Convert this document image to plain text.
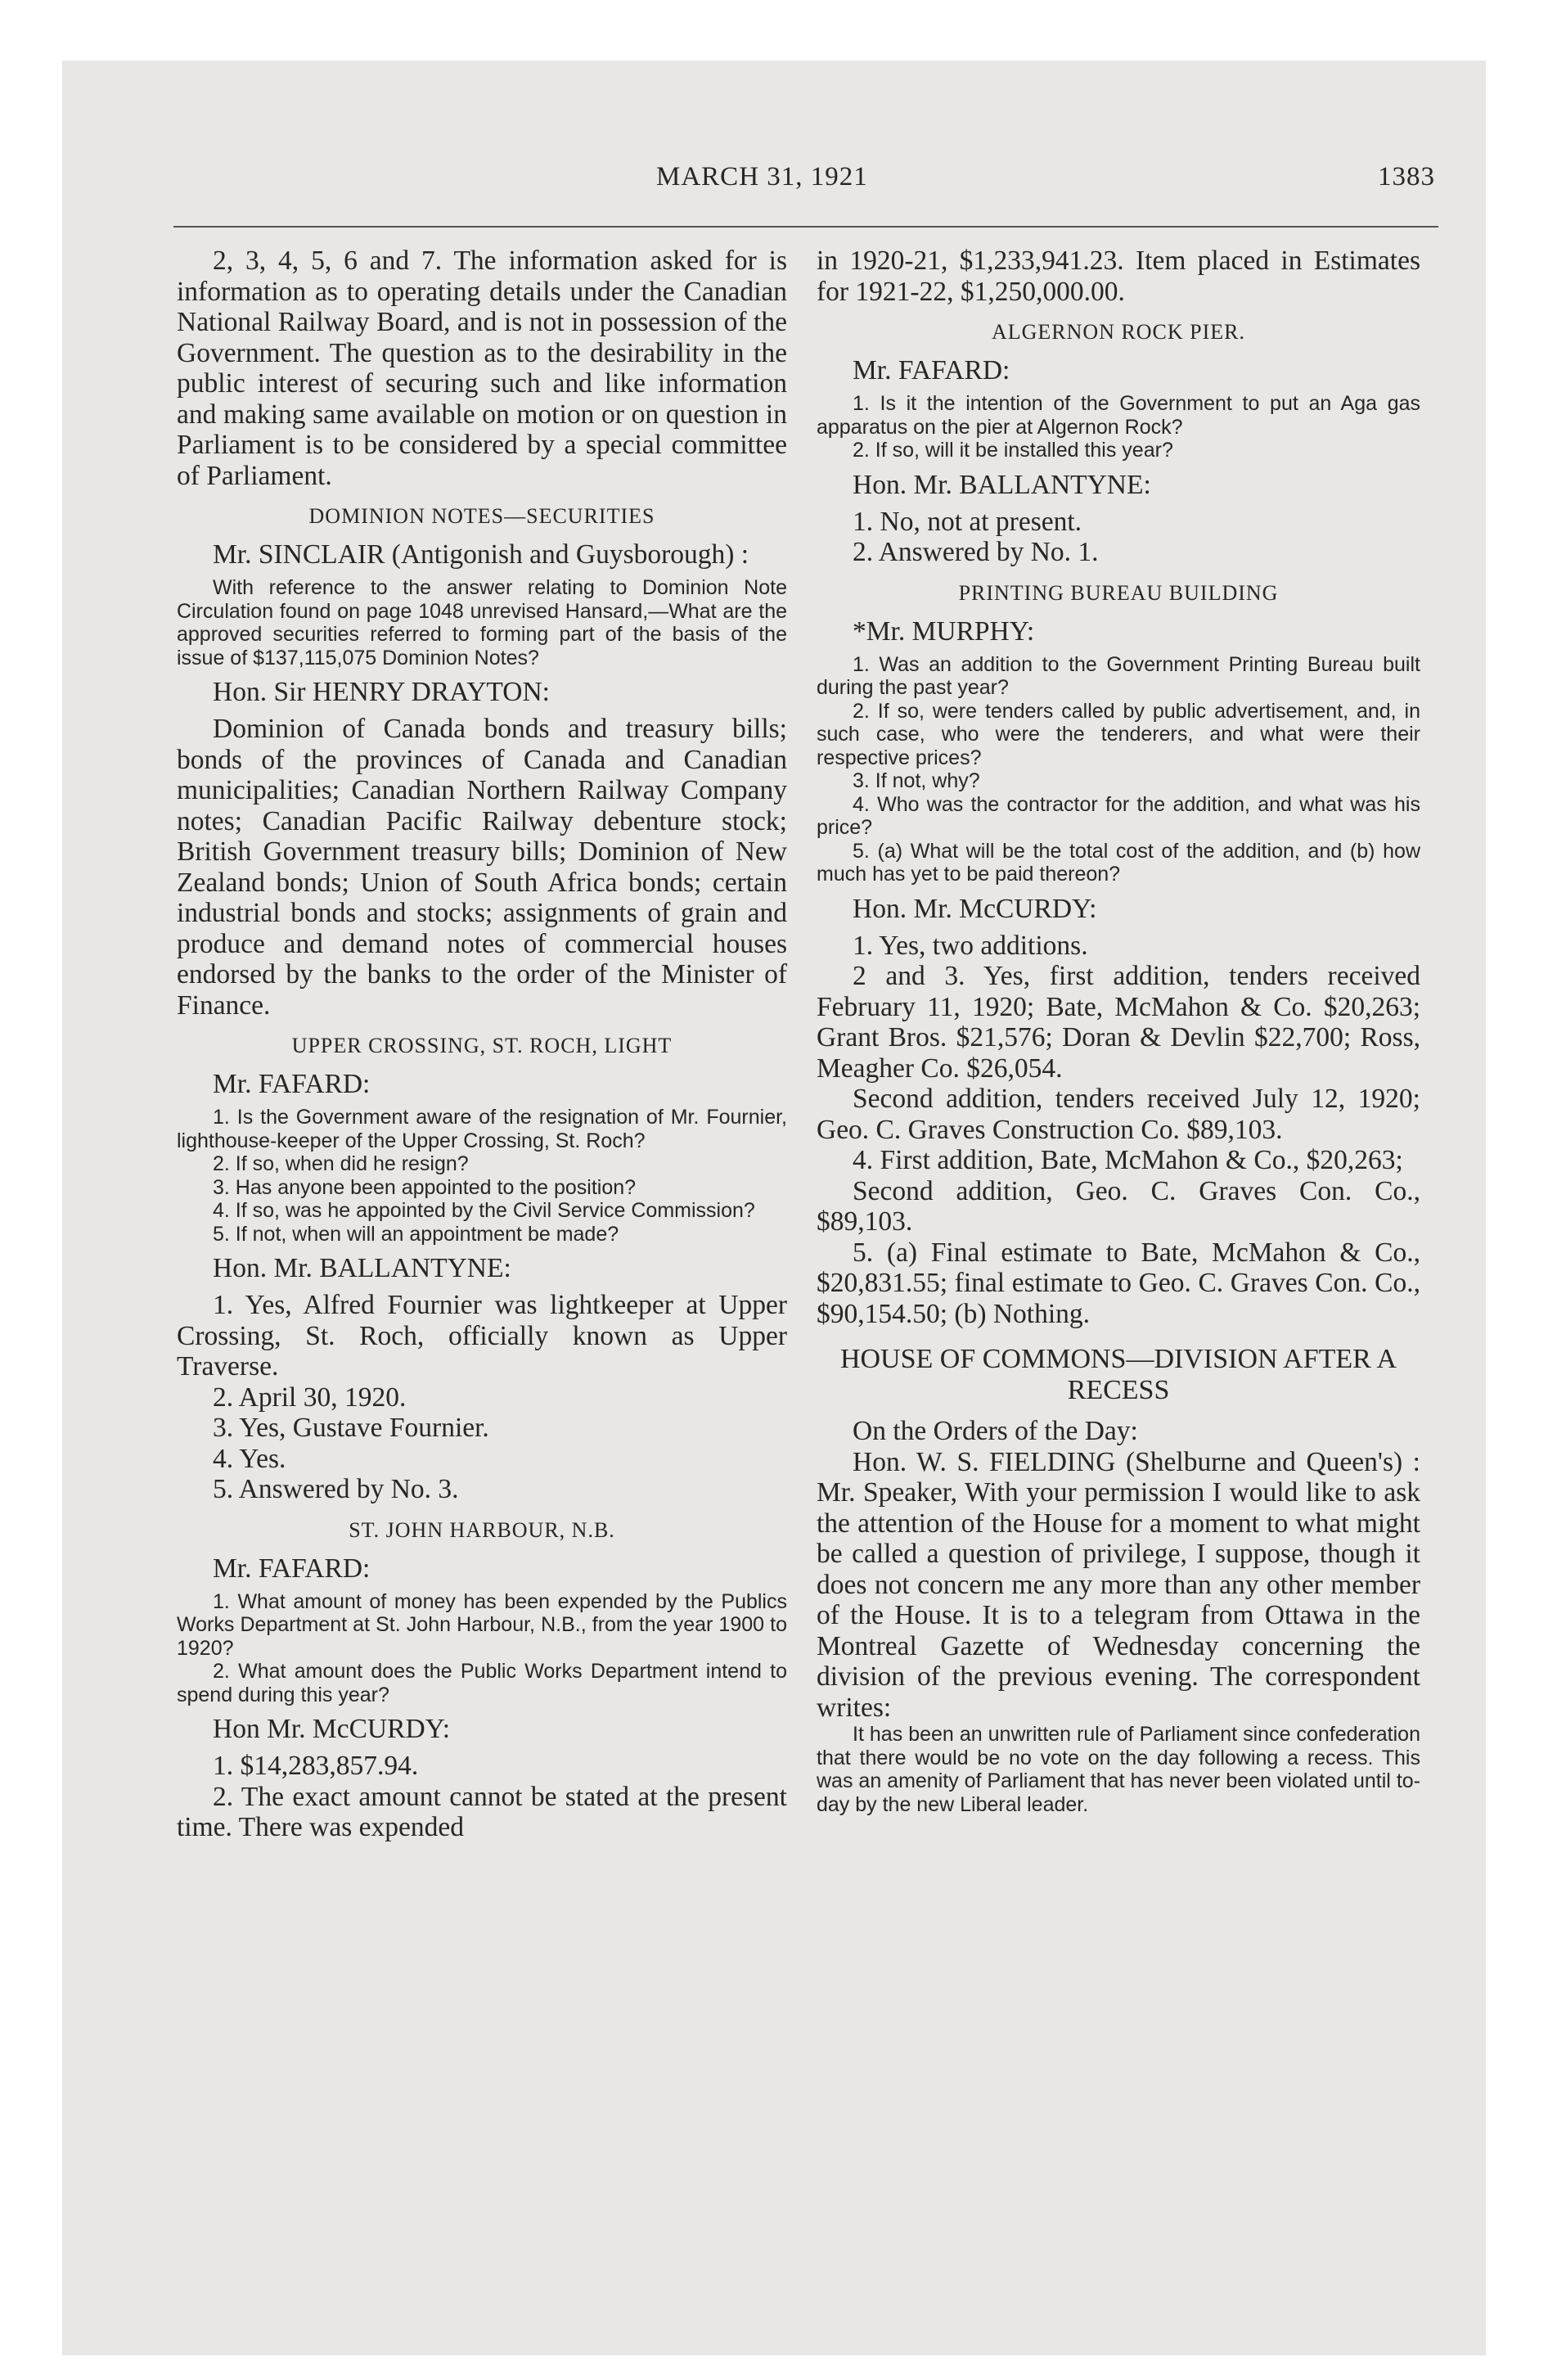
MARCH 31, 1921	1383

2, 3, 4, 5, 6 and 7. The information asked for is information as to operating details under the Canadian National Railway Board, and is not in possession of the Government. The question as to the desirability in the public interest of securing such and like information and making same available on motion or on question in Parliament is to be considered by a special committee of Parliament.

DOMINION NOTES—SECURITIES

Mr. SINCLAIR (Antigonish and Guysborough) :

With reference to the answer relating to Dominion Note Circulation found on page 1048 unrevised Hansard,—What are the approved securities referred to forming part of the basis of the issue of $137,115,075 Dominion Notes?

Hon. Sir HENRY DRAYTON:

Dominion of Canada bonds and treasury bills; bonds of the provinces of Canada and Canadian municipalities; Canadian Northern Railway Company notes; Canadian Pacific Railway debenture stock; British Government treasury bills; Dominion of New Zealand bonds; Union of South Africa bonds; certain industrial bonds and stocks; assignments of grain and produce and demand notes of commercial houses endorsed by the banks to the order of the Minister of Finance.

UPPER CROSSING, ST. ROCH, LIGHT

Mr. FAFARD:

1. Is the Government aware of the resignation of Mr. Fournier, lighthouse-keeper of the Upper Crossing, St. Roch?

2. If so, when did he resign?

3. Has anyone been appointed to the position?

4. If so, was he appointed by the Civil Service Commission?

5. If not, when will an appointment be made?

Hon. Mr. BALLANTYNE:

1. Yes, Alfred Fournier was lightkeeper at Upper Crossing, St. Roch, officially known as Upper Traverse.

2. April 30, 1920.

3. Yes, Gustave Fournier.

4. Yes.

5. Answered by No. 3.

ST. JOHN HARBOUR, N.B.

Mr. FAFARD:

1. What amount of money has been expended by the Publics Works Department at St. John Harbour, N.B., from the year 1900 to 1920?

2. What amount does the Public Works Department intend to spend during this year?

Hon Mr. McCURDY:

1. $14,283,857.94.

2. The exact amount cannot be stated at the present time. There was expended

in 1920-21, $1,233,941.23. Item placed in Estimates for 1921-22, $1,250,000.00.

ALGERNON ROCK PIER.

Mr. FAFARD:

1. Is it the intention of the Government to put an Aga gas apparatus on the pier at Algernon Rock?

2. If so, will it be installed this year?

Hon. Mr. BALLANTYNE:

1. No, not at present.

2. Answered by No. 1.

PRINTING BUREAU BUILDING

*Mr. MURPHY:

1. Was an addition to the Government Printing Bureau built during the past year?

2. If so, were tenders called by public advertisement, and, in such case, who were the tenderers, and what were their respective prices?

3. If not, why?

4. Who was the contractor for the addition, and what was his price?

5. (a) What will be the total cost of the addition, and (b) how much has yet to be paid thereon?

Hon. Mr. McCURDY:

1. Yes, two additions.

2 and 3. Yes, first addition, tenders received February 11, 1920; Bate, McMahon & Co. $20,263; Grant Bros. $21,576; Doran & Devlin $22,700; Ross, Meagher Co. $26,054.

Second addition, tenders received July 12, 1920; Geo. C. Graves Construction Co. $89,103.

4. First addition, Bate, McMahon & Co., $20,263;

Second addition, Geo. C. Graves Con. Co., $89,103.

5. (a) Final estimate to Bate, McMahon & Co., $20,831.55; final estimate to Geo. C. Graves Con. Co., $90,154.50; (b) Nothing.

HOUSE OF COMMONS—DIVISION AFTER A RECESS

On the Orders of the Day:

Hon. W. S. FIELDING (Shelburne and Queen's) : Mr. Speaker, With your permission I would like to ask the attention of the House for a moment to what might be called a question of privilege, I suppose, though it does not concern me any more than any other member of the House. It is to a telegram from Ottawa in the Montreal Gazette of Wednesday concerning the division of the previous evening. The correspondent writes:

It has been an unwritten rule of Parliament since confederation that there would be no vote on the day following a recess. This was an amenity of Parliament that has never been violated until to-day by the new Liberal leader.
